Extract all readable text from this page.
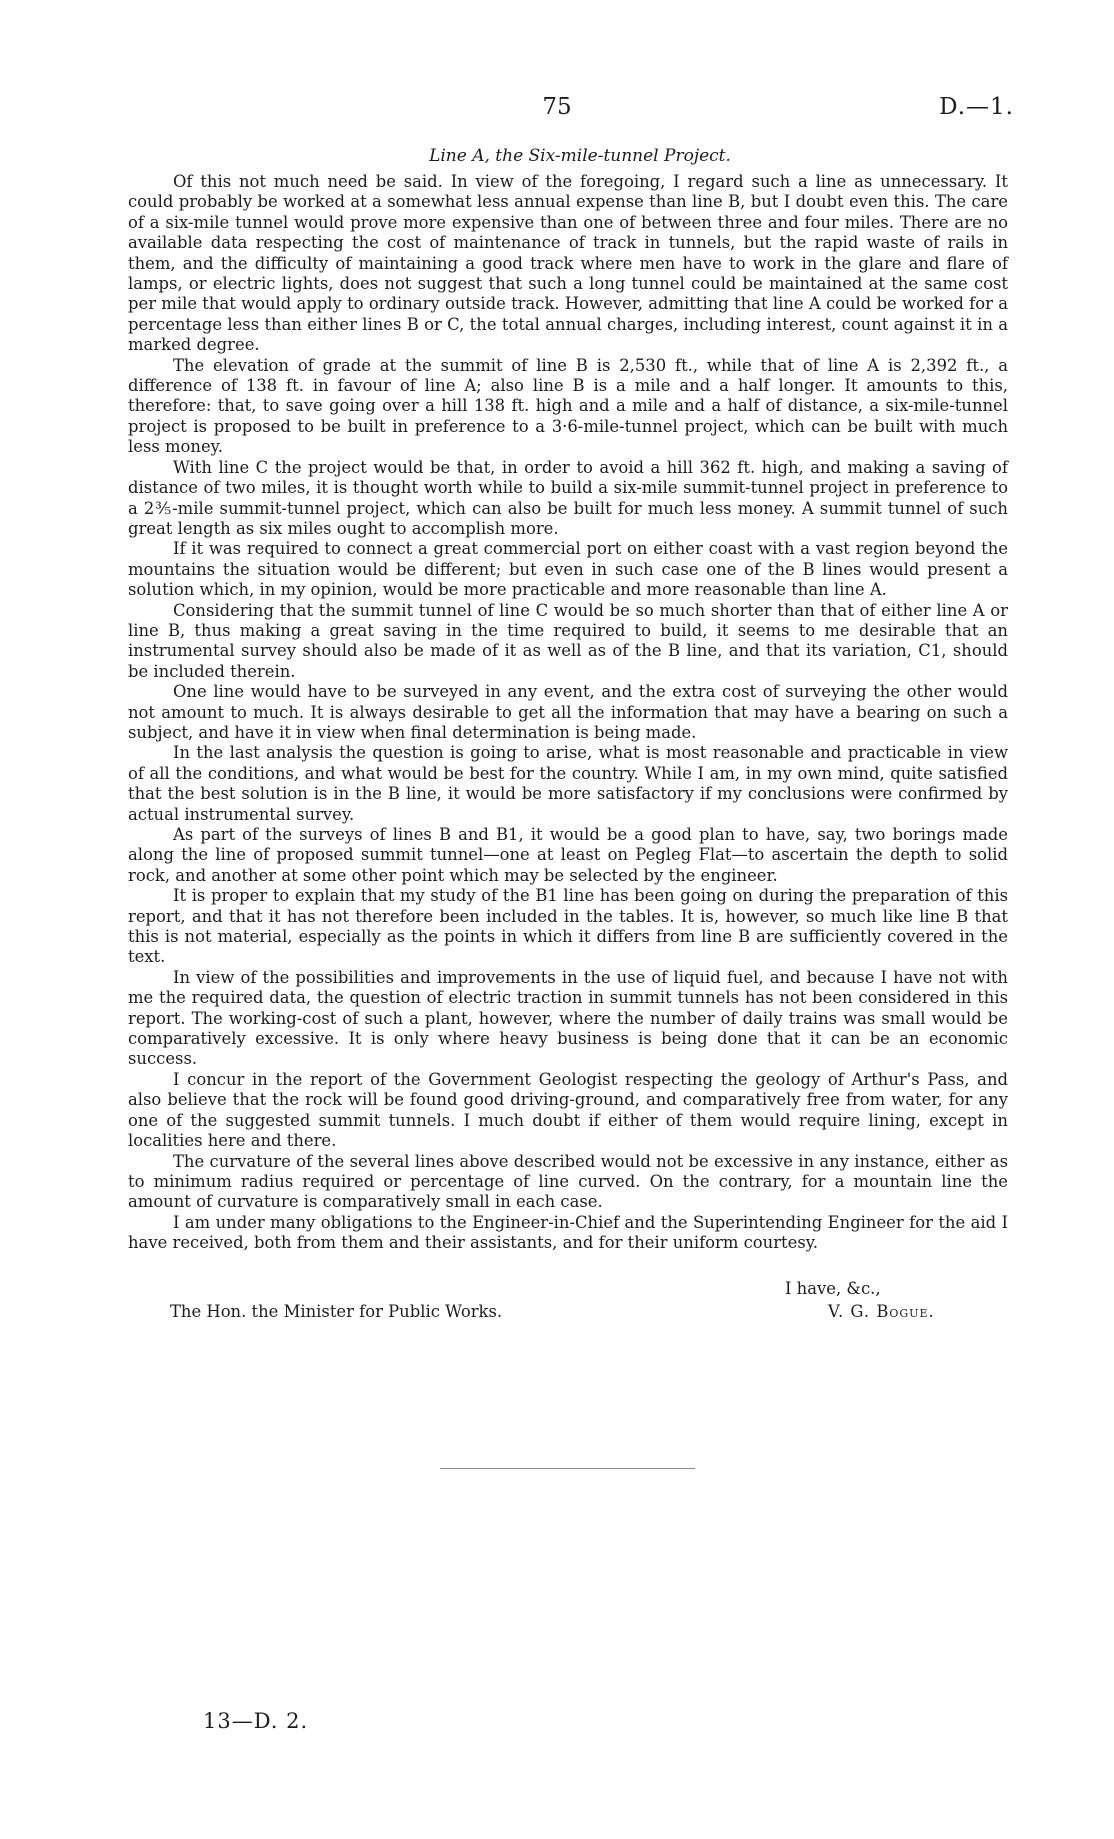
75	D.—1.
Line A, the Six-mile-tunnel Project.

Of this not much need be said. In view of the foregoing, I regard such a line as unnecessary. It could probably be worked at a somewhat less annual expense than line B, but I doubt even this. The care of a six-mile tunnel would prove more expensive than one of between three and four miles. There are no available data respecting the cost of maintenance of track in tunnels, but the rapid waste of rails in them, and the difficulty of maintaining a good track where men have to work in the glare and flare of lamps, or electric lights, does not suggest that such a long tunnel could be maintained at the same cost per mile that would apply to ordinary outside track. However, admitting that line A could be worked for a percentage less than either lines B or C, the total annual charges, including interest, count against it in a marked degree.

The elevation of grade at the summit of line B is 2,530 ft., while that of line A is 2,392 ft., a difference of 138 ft. in favour of line A; also line B is a mile and a half longer. It amounts to this, therefore: that, to save going over a hill 138 ft. high and a mile and a half of distance, a six-mile-tunnel project is proposed to be built in preference to a 3·6-mile-tunnel project, which can be built with much less money.

With line C the project would be that, in order to avoid a hill 362 ft. high, and making a saving of distance of two miles, it is thought worth while to build a six-mile summit-tunnel project in preference to a 2⅗-mile summit-tunnel project, which can also be built for much less money. A summit tunnel of such great length as six miles ought to accomplish more.

If it was required to connect a great commercial port on either coast with a vast region beyond the mountains the situation would be different; but even in such case one of the B lines would present a solution which, in my opinion, would be more practicable and more reasonable than line A.

Considering that the summit tunnel of line C would be so much shorter than that of either line A or line B, thus making a great saving in the time required to build, it seems to me desirable that an instrumental survey should also be made of it as well as of the B line, and that its variation, C1, should be included therein.

One line would have to be surveyed in any event, and the extra cost of surveying the other would not amount to much. It is always desirable to get all the information that may have a bearing on such a subject, and have it in view when final determination is being made.

In the last analysis the question is going to arise, what is most reasonable and practicable in view of all the conditions, and what would be best for the country. While I am, in my own mind, quite satisfied that the best solution is in the B line, it would be more satisfactory if my conclusions were confirmed by actual instrumental survey.

As part of the surveys of lines B and B1, it would be a good plan to have, say, two borings made along the line of proposed summit tunnel—one at least on Pegleg Flat—to ascertain the depth to solid rock, and another at some other point which may be selected by the engineer.

It is proper to explain that my study of the B1 line has been going on during the preparation of this report, and that it has not therefore been included in the tables. It is, however, so much like line B that this is not material, especially as the points in which it differs from line B are sufficiently covered in the text.

In view of the possibilities and improvements in the use of liquid fuel, and because I have not with me the required data, the question of electric traction in summit tunnels has not been considered in this report. The working-cost of such a plant, however, where the number of daily trains was small would be comparatively excessive. It is only where heavy business is being done that it can be an economic success.

I concur in the report of the Government Geologist respecting the geology of Arthur's Pass, and also believe that the rock will be found good driving-ground, and comparatively free from water, for any one of the suggested summit tunnels. I much doubt if either of them would require lining, except in localities here and there.

The curvature of the several lines above described would not be excessive in any instance, either as to minimum radius required or percentage of line curved. On the contrary, for a mountain line the amount of curvature is comparatively small in each case.

I am under many obligations to the Engineer-in-Chief and the Superintending Engineer for the aid I have received, both from them and their assistants, and for their uniform courtesy.

I have, &c.,
The Hon. the Minister for Public Works.	V. G. Bogue.
13—D. 2.
